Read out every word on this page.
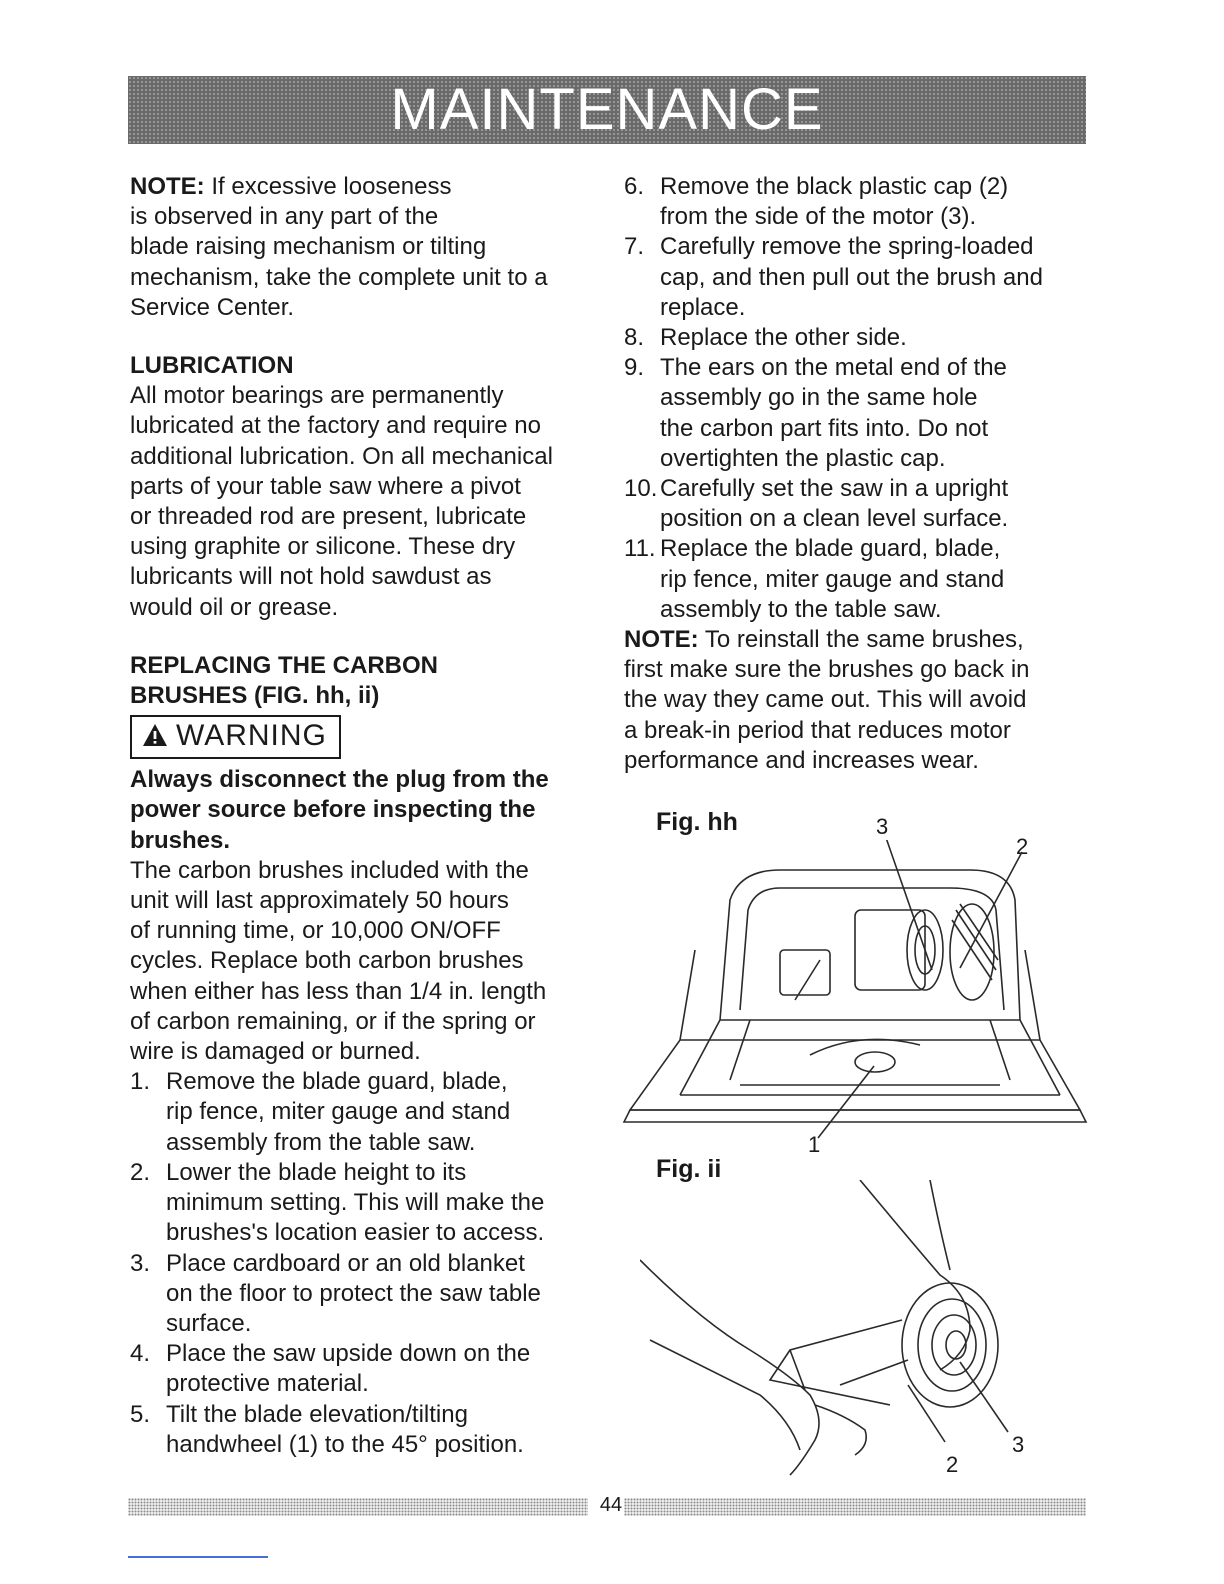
MAINTENANCE

NOTE: If excessive looseness
is observed in any part of the
blade raising mechanism or tilting
mechanism, take the complete unit to a
Service Center.

LUBRICATION

All motor bearings are permanently
lubricated at the factory and require no
additional lubrication. On all mechanical
parts of your table saw where a pivot
or threaded rod are present, lubricate
using graphite or silicone. These dry
lubricants will not hold sawdust as
would oil or grease.

REPLACING THE CARBON
BRUSHES (FIG. hh, ii)

WARNING

Always disconnect the plug from the
power source before inspecting the
brushes.

The carbon brushes included with the
unit will last approximately 50 hours
of running time, or 10,000 ON/OFF
cycles. Replace both carbon brushes
when either has less than 1/4 in. length
of carbon remaining, or if the spring or
wire is damaged or burned.

1. Remove the blade guard, blade,
rip fence, miter gauge and stand
assembly from the table saw.
2. Lower the blade height to its
minimum setting. This will make the
brushes's location easier to access.
3. Place cardboard or an old blanket
on the floor to protect the saw table
surface.
4. Place the saw upside down on the
protective material.
5. Tilt the blade elevation/tilting
handwheel (1) to the 45° position.
6. Remove the black plastic cap (2)
from the side of the motor (3).
7. Carefully remove the spring-loaded
cap, and then pull out the brush and
replace.
8. Replace the other side.
9. The ears on the metal end of the
assembly go in the same hole
the carbon part fits into. Do not
overtighten the plastic cap.
10. Carefully set the saw in a upright
position on a clean level surface.
11. Replace the blade guard, blade,
rip fence, miter gauge and stand
assembly to the table saw.

NOTE: To reinstall the same brushes,
first make sure the brushes go back in
the way they came out. This will avoid
a break-in period that reduces motor
performance and increases wear.

Fig. hh	3
2
1
Fig. ii
3
2
44
